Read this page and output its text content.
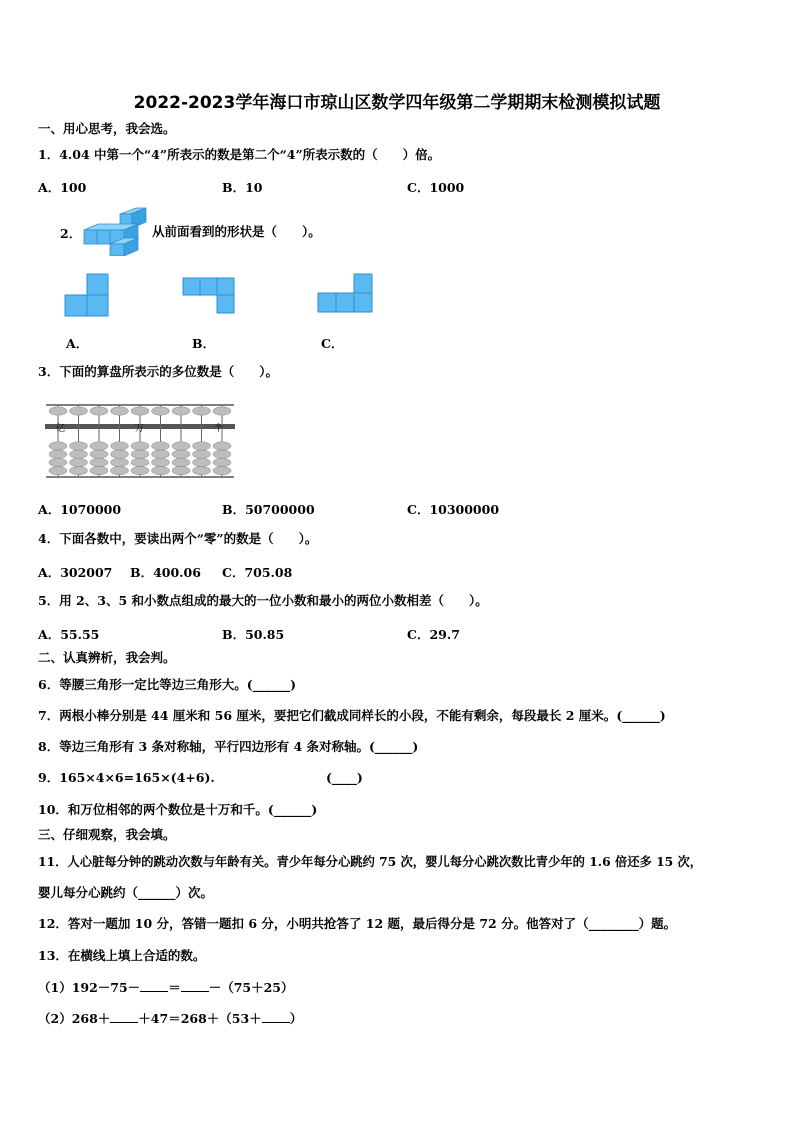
2022-2023学年海口市琼山区数学四年级第二学期期末检测模拟试题
一、用心思考，我会选。
1．4.04 中第一个“4”所表示的数是第二个“4”所表示数的（　　）倍。
A．100	B．10	C．1000
2．	从前面看到的形状是（　　）。
A．	B．	C．
3．下面的算盘所表示的多位数是（　　）。
亿	万	个
A．1070000	B．50700000	C．10300000
4．下面各数中，要读出两个“零”的数是（　　）。
A．302007 B．400.06 C．705.08
5．用 2、3、5 和小数点组成的最大的一位小数和最小的两位小数相差（　　）。
A．55.55	B．50.85	C．29.7
二、认真辨析，我会判。
6．等腰三角形一定比等边三角形大。(______)
7．两根小棒分别是 44 厘米和 56 厘米，要把它们截成同样长的小段，不能有剩余，每段最长 2 厘米。(______)
8．等边三角形有 3 条对称轴，平行四边形有 4 条对称轴。(______)
9．165×4×6=165×(4+6).	(____)
10．和万位相邻的两个数位是十万和千。(______)
三、仔细观察，我会填。
11．人心脏每分钟的跳动次数与年龄有关。青少年每分心跳约 75 次，婴儿每分心跳次数比青少年的 1.6 倍还多 15 次，
婴儿每分心跳约（______）次。
12．答对一题加 10 分，答错一题扣 6 分，小明共抢答了 12 题，最后得分是 72 分。他答对了（________）题。
13．在横线上填上合适的数。
（1）192－75－ ＝ －（75＋25）
（2）268＋ ＋47＝268＋（53＋ ）
